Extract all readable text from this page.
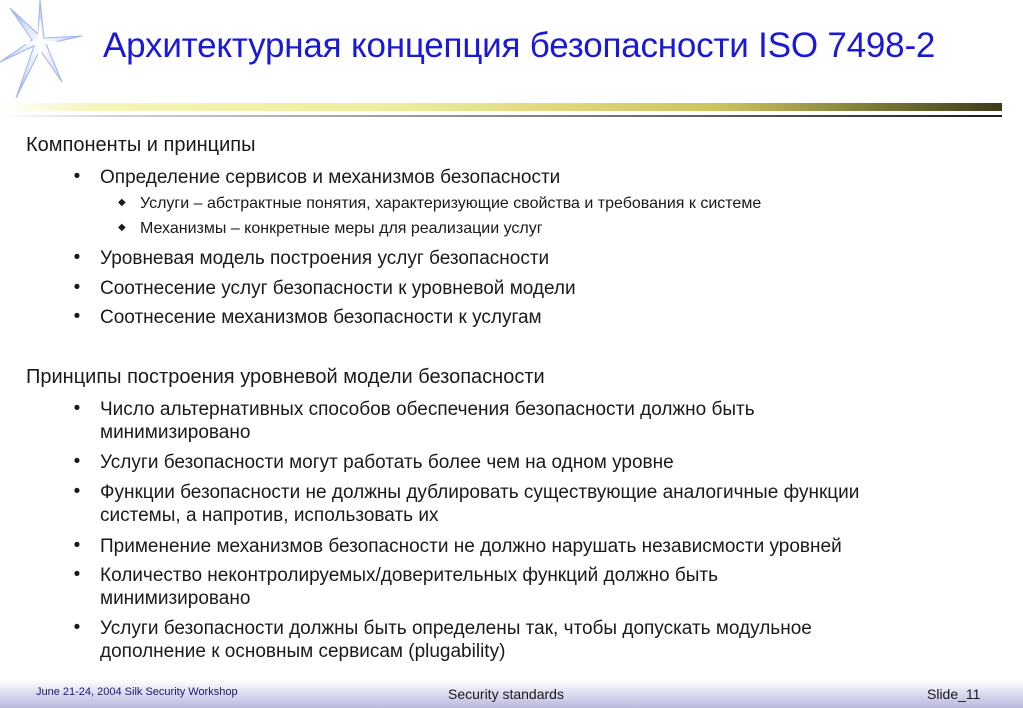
Архитектурная концепция безопасности ISO 7498-2
Компоненты и принципы
• Определение сервисов и механизмов безопасности
◆ Услуги – абстрактные понятия, характеризующие свойства и требования к системе
◆ Механизмы – конкретные меры для реализации услуг
• Уровневая модель построения услуг безопасности
• Соотнесение услуг безопасности к уровневой модели
• Соотнесение механизмов безопасности к услугам
Принципы построения уровневой модели безопасности
• Число альтернативных способов обеспечения безопасности должно быть
минимизировано
• Услуги безопасности могут работать более чем на одном уровне
• Функции безопасности не должны дублировать существующие аналогичные функции
системы, а напротив, использовать их
• Применение механизмов безопасности не должно нарушать независмости уровней
• Количество неконтролируемых/доверительных функций должно быть
минимизировано
• Услуги безопасности должны быть определены так, чтобы допускать модульное
дополнение к основным сервисам (plugability)
June 21-24, 2004 Silk Security Workshop	Security standards	Slide_11
